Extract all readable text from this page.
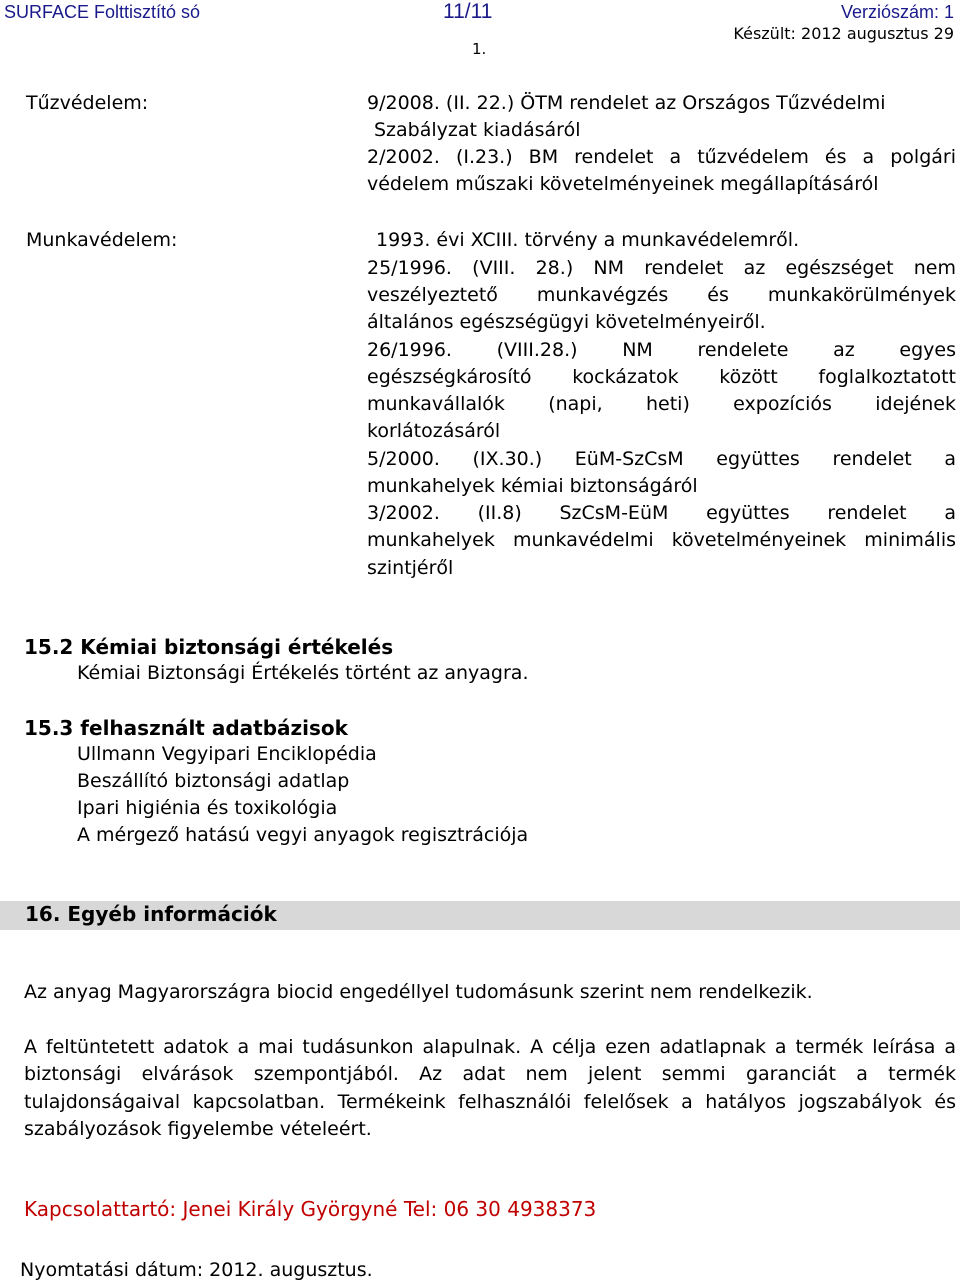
SURFACE Folttisztító só	11/11	Verziószám: 1
Készült: 2012 augusztus 29
1.
Tűzvédelem:	9/2008. (II. 22.) ÖTM rendelet az Országos Tűzvédelmi
Szabályzat kiadásáról
2/2002. (I.23.) BM rendelet a tűzvédelem és a polgári
védelem műszaki követelményeinek megállapításáról
Munkavédelem:	1993. évi XCIII. törvény a munkavédelemről.
25/1996. (VIII. 28.) NM rendelet az egészséget nem
veszélyeztető munkavégzés és munkakörülmények
általános egészségügyi követelményeiről.
26/1996. (VIII.28.) NM rendelete az egyes
egészségkárosító kockázatok között foglalkoztatott
munkavállalók (napi, heti) expozíciós idejének
korlátozásáról
5/2000. (IX.30.) EüM-SzCsM együttes rendelet a
munkahelyek kémiai biztonságáról
3/2002. (II.8) SzCsM-EüM együttes rendelet a
munkahelyek munkavédelmi követelményeinek minimális
szintjéről
15.2 Kémiai biztonsági értékelés
Kémiai Biztonsági Értékelés történt az anyagra.
15.3 felhasznált adatbázisok
Ullmann Vegyipari Enciklopédia
Beszállító biztonsági adatlap
Ipari higiénia és toxikológia
A mérgező hatású vegyi anyagok regisztrációja
16. Egyéb információk
Az anyag Magyarországra biocid engedéllyel tudomásunk szerint nem rendelkezik.
A feltüntetett adatok a mai tudásunkon alapulnak. A célja ezen adatlapnak a termék leírása a
biztonsági elvárások szempontjából. Az adat nem jelent semmi garanciát a termék
tulajdonságaival kapcsolatban. Termékeink felhasználói felelősek a hatályos jogszabályok és
szabályozások figyelembe vételeért.
Kapcsolattartó: Jenei Király Györgyné Tel: 06 30 4938373
Nyomtatási dátum: 2012. augusztus.
